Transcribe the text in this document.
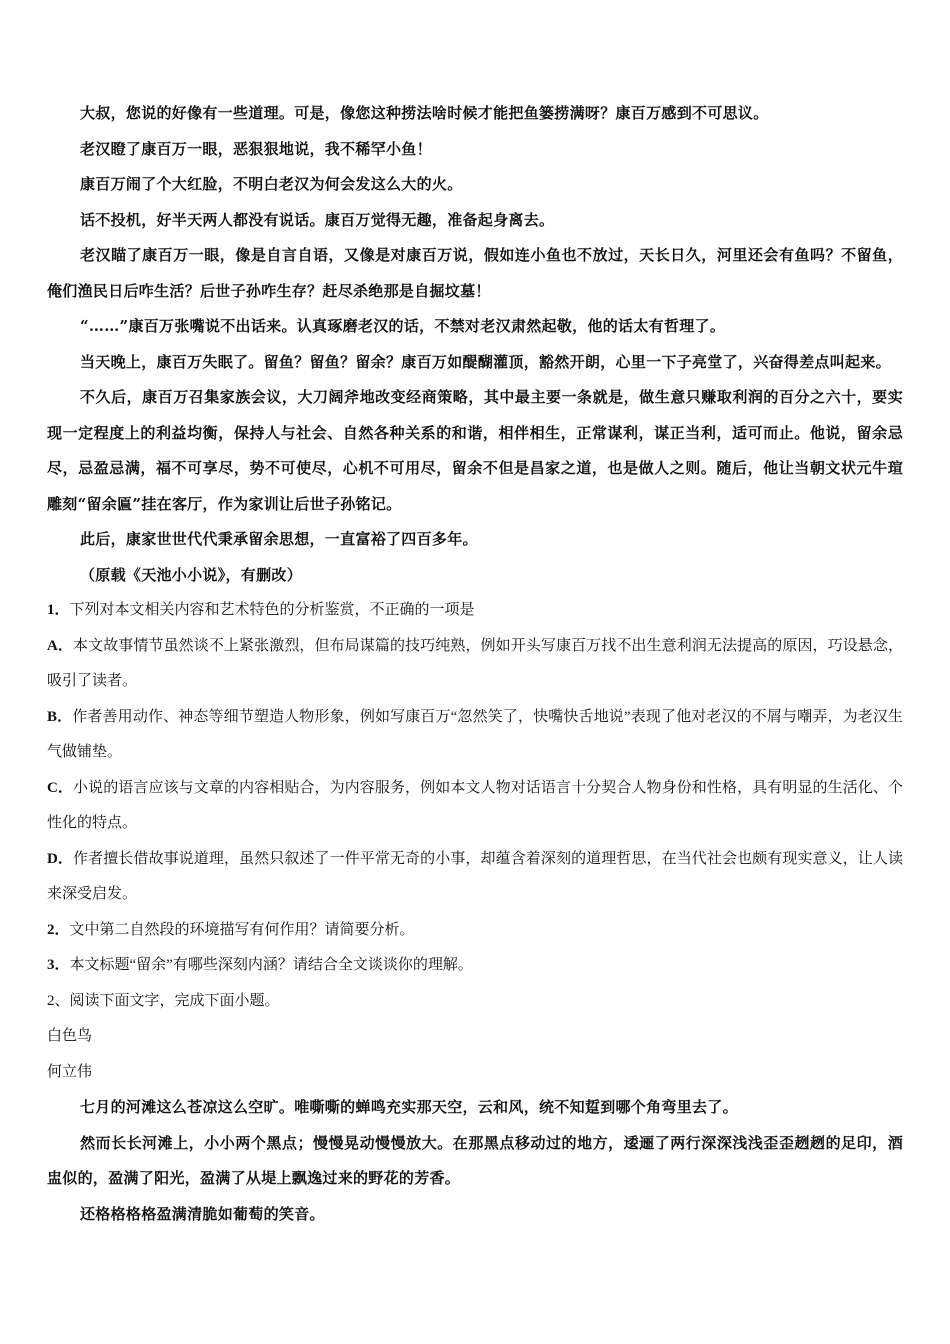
大叔，您说的好像有一些道理。可是，像您这种捞法啥时候才能把鱼篓捞满呀？康百万感到不可思议。

老汉瞪了康百万一眼，恶狠狠地说，我不稀罕小鱼！

康百万闹了个大红脸，不明白老汉为何会发这么大的火。

话不投机，好半天两人都没有说话。康百万觉得无趣，准备起身离去。

老汉瞄了康百万一眼，像是自言自语，又像是对康百万说，假如连小鱼也不放过，天长日久，河里还会有鱼吗？不留鱼，俺们渔民日后咋生活？后世子孙咋生存？赶尽杀绝那是自掘坟墓！

“……”康百万张嘴说不出话来。认真琢磨老汉的话，不禁对老汉肃然起敬，他的话太有哲理了。

当天晚上，康百万失眠了。留鱼？留鱼？留余？康百万如醍醐灌顶，豁然开朗，心里一下子亮堂了，兴奋得差点叫起来。

不久后，康百万召集家族会议，大刀阔斧地改变经商策略，其中最主要一条就是，做生意只赚取利润的百分之六十，要实现一定程度上的利益均衡，保持人与社会、自然各种关系的和谐，相伴相生，正常谋利，谋正当利，适可而止。他说，留余忌尽，忌盈忌满，福不可享尽，势不可使尽，心机不可用尽，留余不但是昌家之道，也是做人之则。随后，他让当朝文状元牛瑄雕刻“留余匾”挂在客厅，作为家训让后世子孙铭记。

此后，康家世世代代秉承留余思想，一直富裕了四百多年。

（原载《天池小小说》，有删改）

1．下列对本文相关内容和艺术特色的分析鉴赏，不正确的一项是

A．本文故事情节虽然谈不上紧张激烈，但布局谋篇的技巧纯熟，例如开头写康百万找不出生意利润无法提高的原因，巧设悬念，吸引了读者。

B．作者善用动作、神态等细节塑造人物形象，例如写康百万“忽然笑了，快嘴快舌地说”表现了他对老汉的不屑与嘲弄，为老汉生气做铺垫。

C．小说的语言应该与文章的内容相贴合，为内容服务，例如本文人物对话语言十分契合人物身份和性格，具有明显的生活化、个性化的特点。

D．作者擅长借故事说道理，虽然只叙述了一件平常无奇的小事，却蕴含着深刻的道理哲思，在当代社会也颇有现实意义，让人读来深受启发。

2．文中第二自然段的环境描写有何作用？请简要分析。

3．本文标题“留余”有哪些深刻内涵？请结合全文谈谈你的理解。

2、阅读下面文字，完成下面小题。

白色鸟

何立伟

七月的河滩这么苍凉这么空旷。唯嘶嘶的蝉鸣充实那天空，云和风，统不知踅到哪个角弯里去了。

然而长长河滩上，小小两个黑点；慢慢晃动慢慢放大。在那黑点移动过的地方，逶逦了两行深深浅浅歪歪趔趔的足印，酒盅似的，盈满了阳光，盈满了从堤上飘逸过来的野花的芳香。

还格格格格盈满清脆如葡萄的笑音。
